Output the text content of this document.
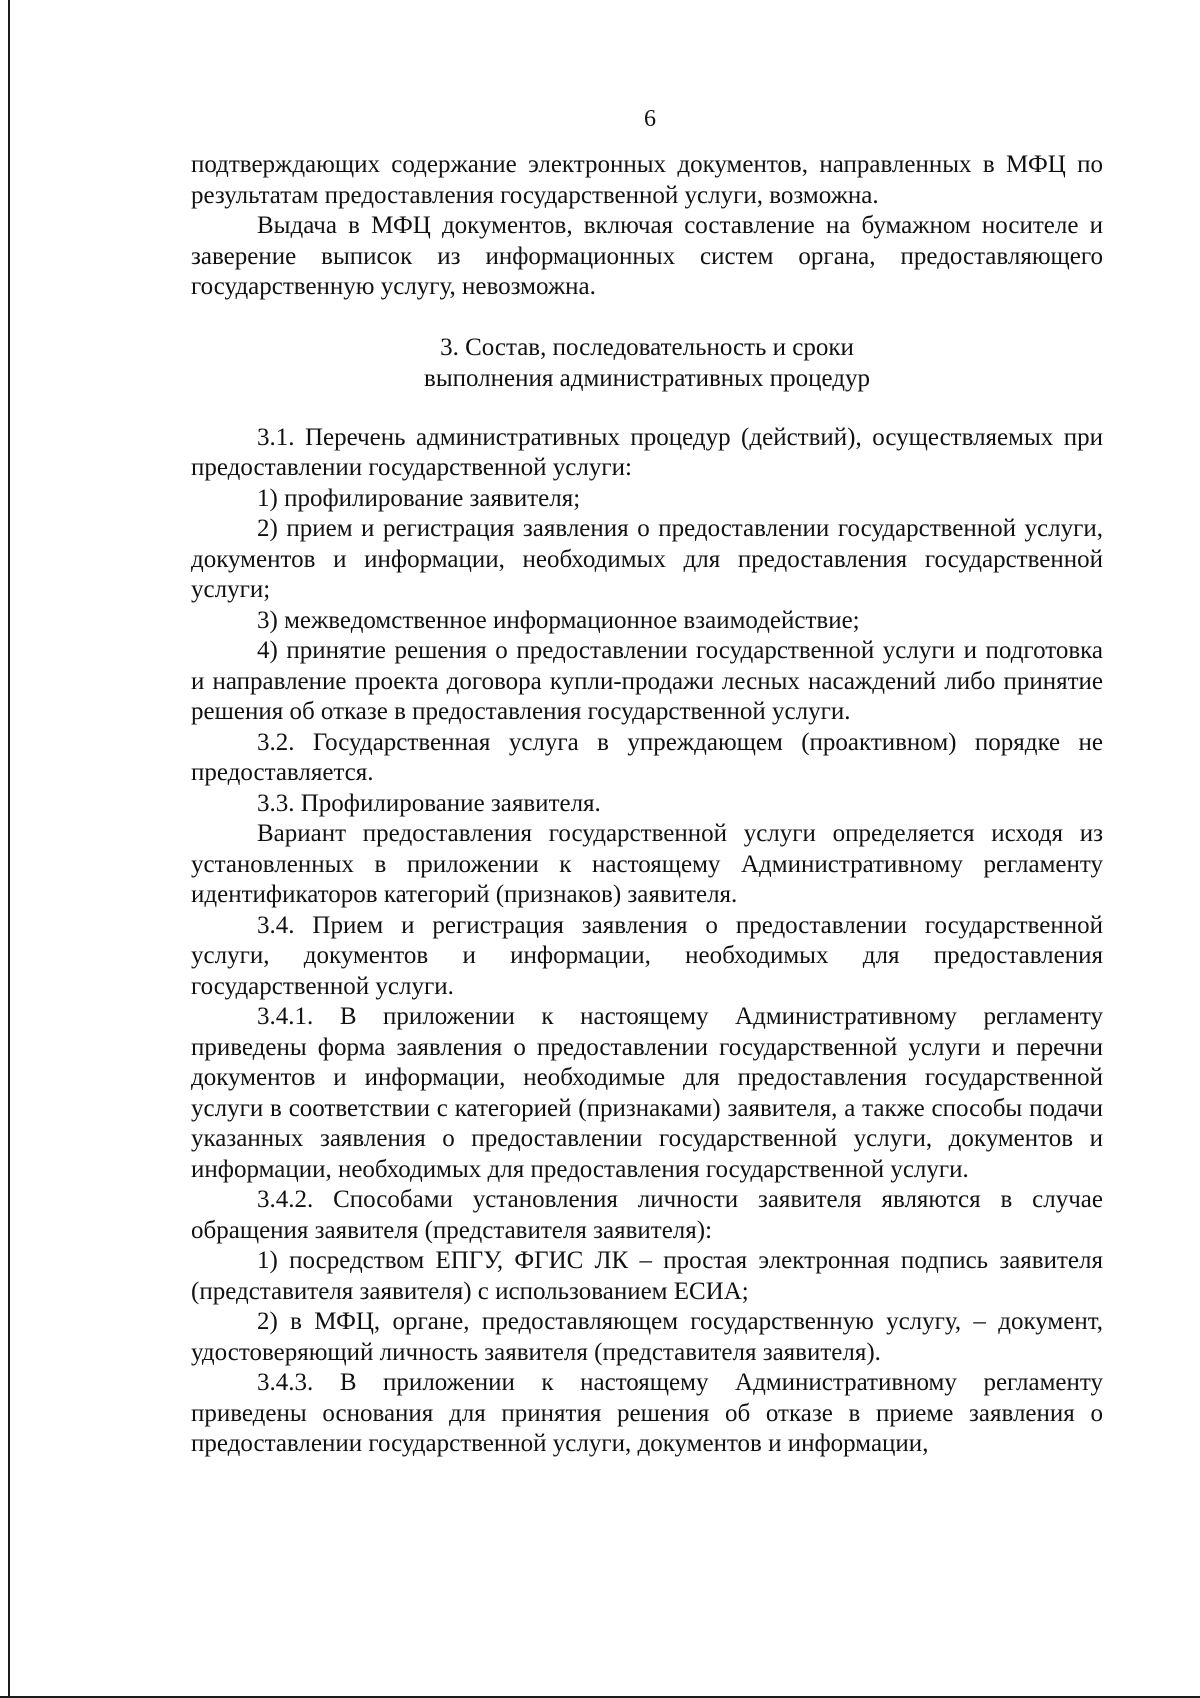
6

подтверждающих содержание электронных документов, направленных в МФЦ по результатам предоставления государственной услуги, возможна.

Выдача в МФЦ документов, включая составление на бумажном носителе и заверение выписок из информационных систем органа, предоставляющего государственную услугу, невозможна.

3. Состав, последовательность и сроки
выполнения административных процедур

3.1. Перечень административных процедур (действий), осуществляемых при предоставлении государственной услуги:

1) профилирование заявителя;

2) прием и регистрация заявления о предоставлении государственной услуги, документов и информации, необходимых для предоставления государственной услуги;

3) межведомственное информационное взаимодействие;

4) принятие решения о предоставлении государственной услуги и подготовка и направление проекта договора купли-продажи лесных насаждений либо принятие решения об отказе в предоставления государственной услуги.

3.2. Государственная услуга в упреждающем (проактивном) порядке не предоставляется.

3.3. Профилирование заявителя.

Вариант предоставления государственной услуги определяется исходя из установленных в приложении к настоящему Административному регламенту идентификаторов категорий (признаков) заявителя.

3.4. Прием и регистрация заявления о предоставлении государственной услуги, документов и информации, необходимых для предоставления государственной услуги.

3.4.1. В приложении к настоящему Административному регламенту приведены форма заявления о предоставлении государственной услуги и перечни документов и информации, необходимые для предоставления государственной услуги в соответствии с категорией (признаками) заявителя, а также способы подачи указанных заявления о предоставлении государственной услуги, документов и информации, необходимых для предоставления государственной услуги.

3.4.2. Способами установления личности заявителя являются в случае обращения заявителя (представителя заявителя):

1) посредством ЕПГУ, ФГИС ЛК – простая электронная подпись заявителя (представителя заявителя) с использованием ЕСИА;

2) в МФЦ, органе, предоставляющем государственную услугу, – документ, удостоверяющий личность заявителя (представителя заявителя).

3.4.3. В приложении к настоящему Административному регламенту приведены основания для принятия решения об отказе в приеме заявления о предоставлении государственной услуги, документов и информации,
